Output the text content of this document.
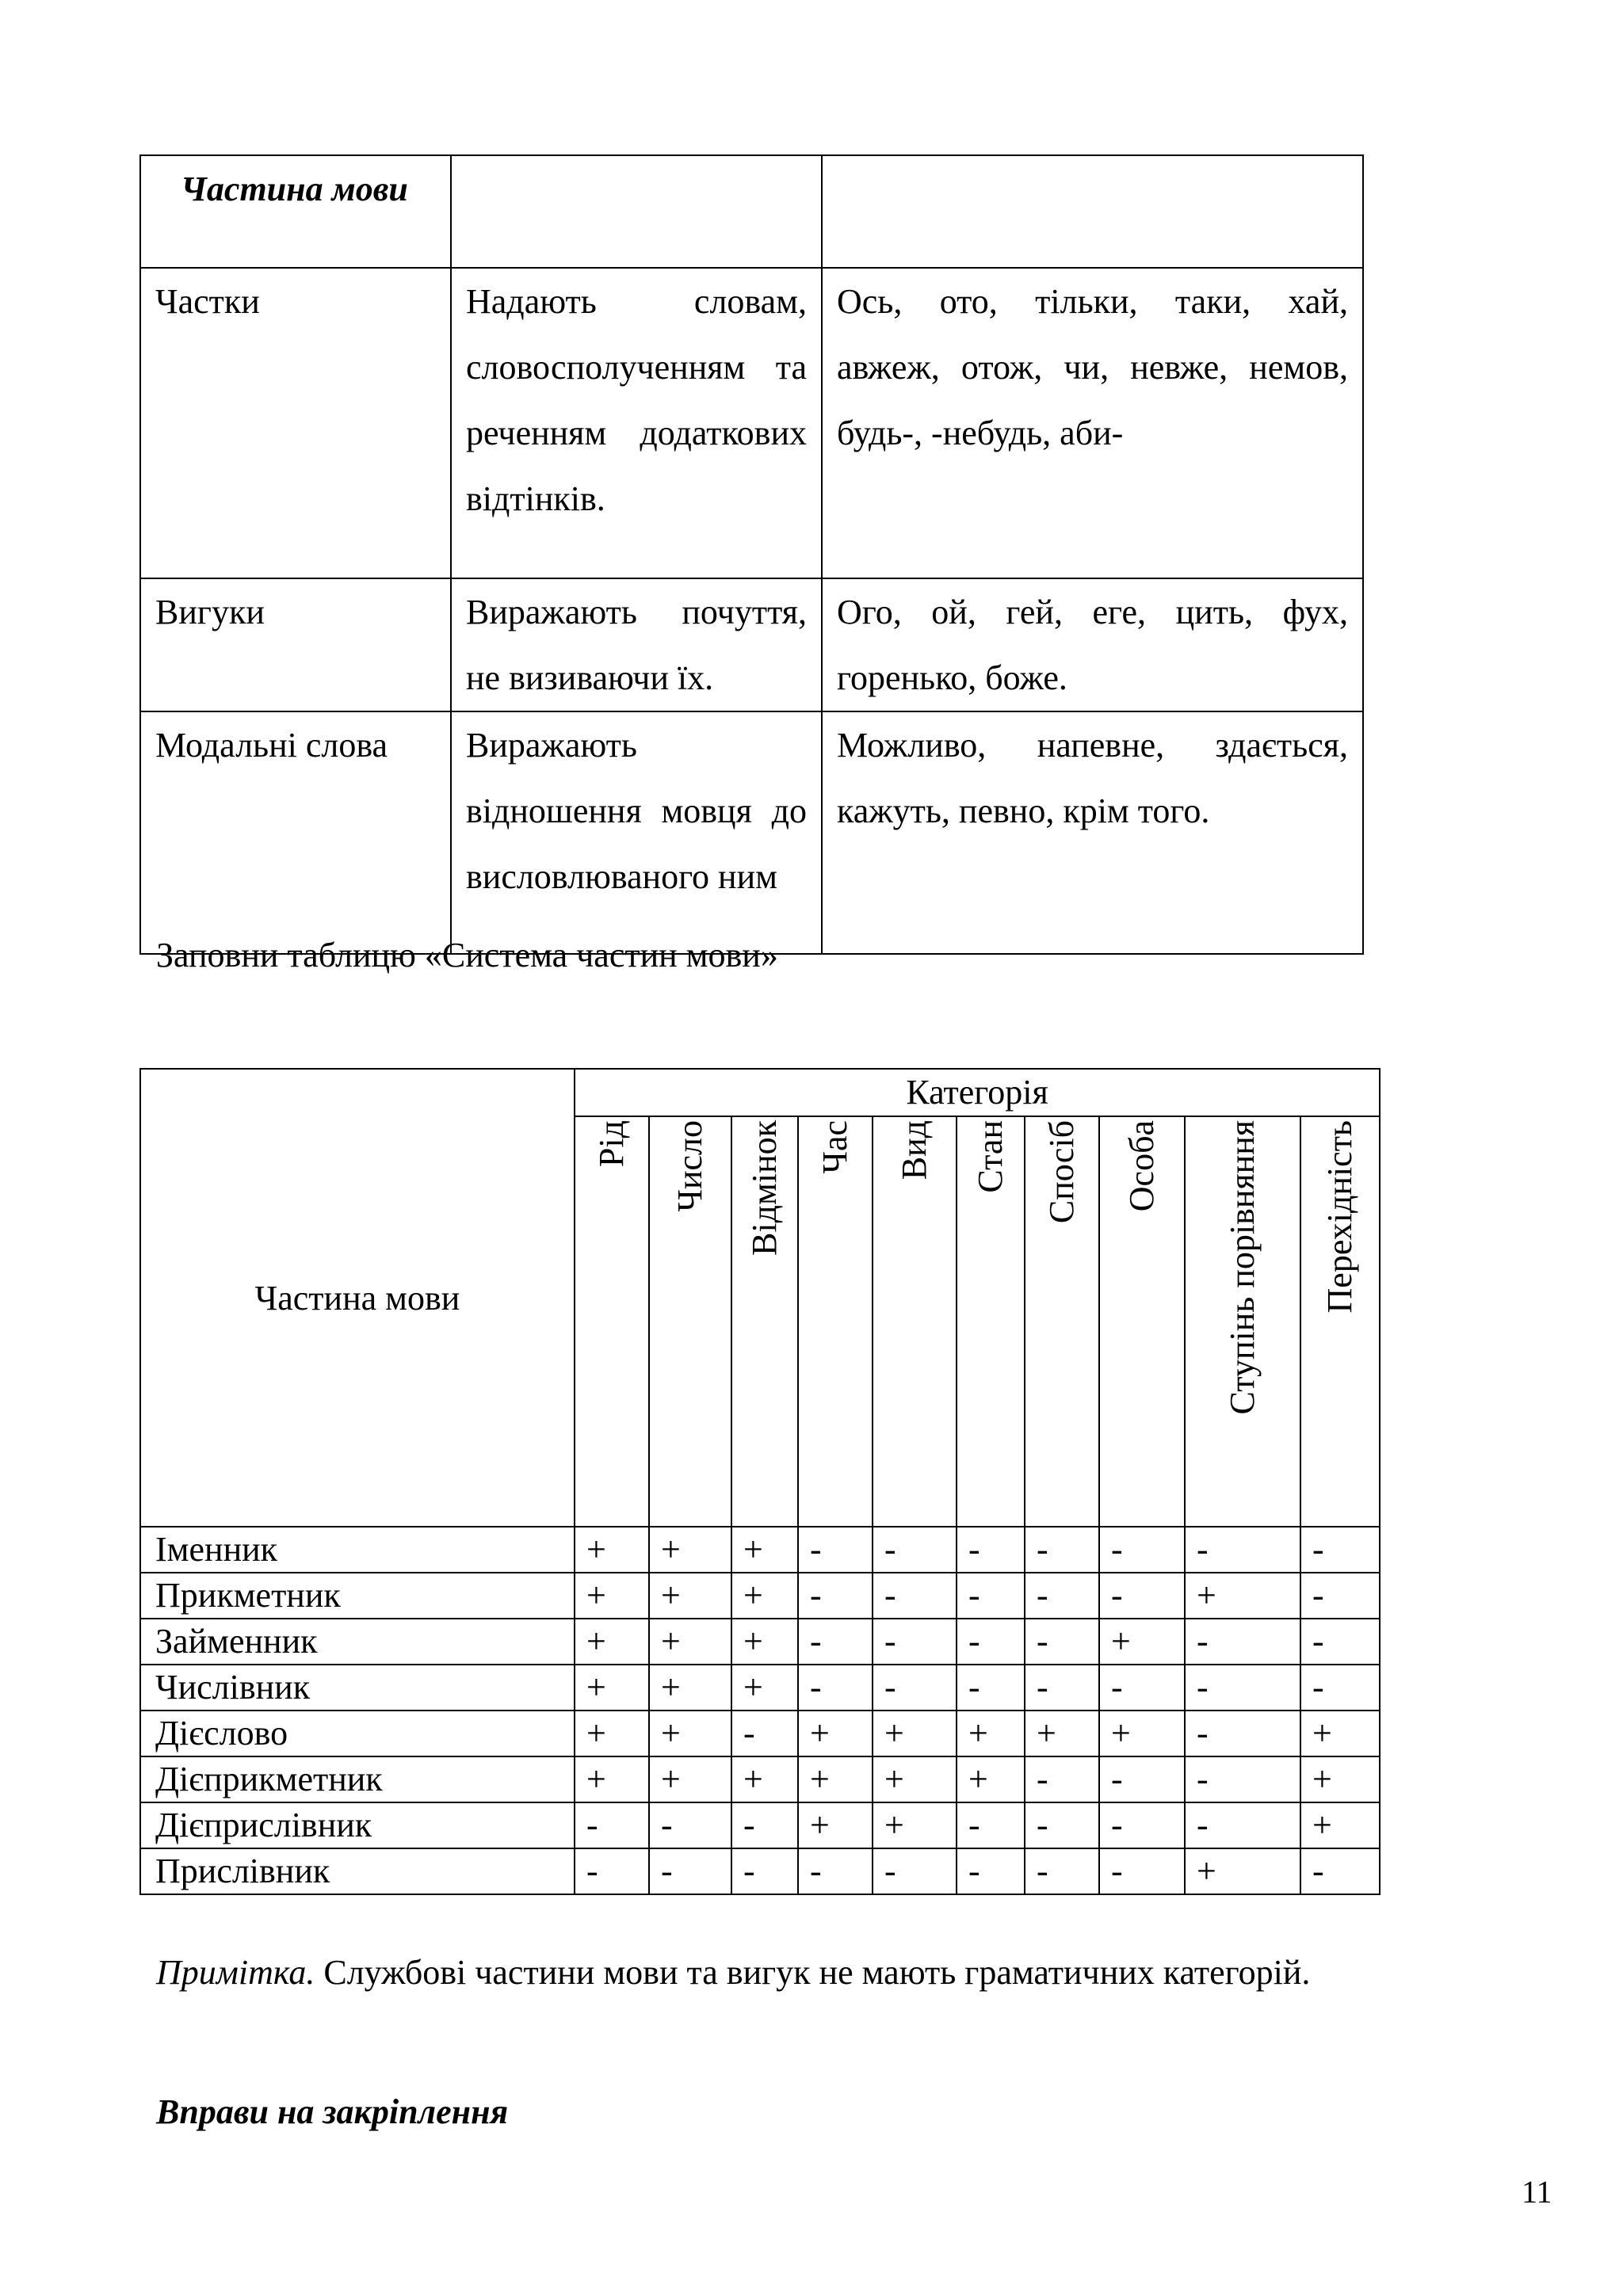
Частина мови		

Частки	Надають словам, словосполученням та реченням додаткових відтінків.	Ось, ото, тільки, таки, хай,
авжеж, отож, чи, невже, немов,
будь-, -небудь, аби-

Вигуки	Виражають почуття, не визиваючи їх.	Ого, ой, гей, еге, цить, фух,
горенько, боже.

Модальні слова	Виражають відношення мовця до висловлюваного ним	Можливо, напевне, здається,
кажуть, певно, крім того.
Заповни таблицю «Система частин мови»
Частина мови	Категорія									

	Рід	Число	Відмінок	Час	Вид	Стан	Спосіб	Особа	Ступінь порівняння	Перехідність

Іменник	+	+	+	-	-	-	-	-	-	-
Прикметник	+	+	+	-	-	-	-	-	+	-
Займенник	+	+	+	-	-	-	-	+	-	-
Числівник	+	+	+	-	-	-	-	-	-	-
Дієслово	+	+	-	+	+	+	+	+	-	+
Дієприкметник	+	+	+	+	+	+	-	-	-	+
Дієприслівник	-	-	-	+	+	-	-	-	-	+
Прислівник	-	-	-	-	-	-	-	-	+	-
Примітка. Службові частини мови та вигук не мають граматичних категорій.
Вправи на закріплення
11
